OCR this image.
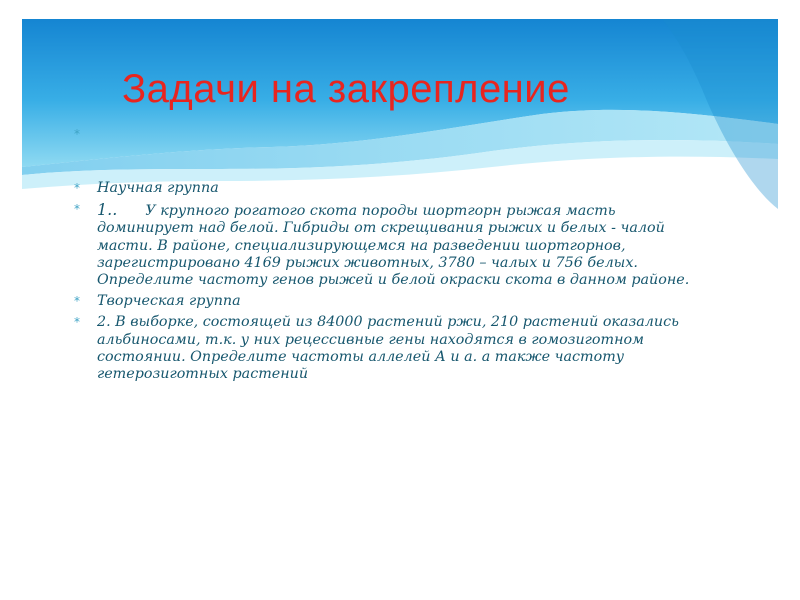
Задачи на закрепление
*
* Научная группа
* 1.. У крупного рогатого скота породы шортгорн рыжая масть доминирует над белой. Гибриды от скрещивания рыжих и белых - чалой масти. В районе, специализирующемся на разведении шортгорнов, зарегистрировано 4169 рыжих животных, 3780 – чалых и 756 белых. Определите частоту генов рыжей и белой окраски скота в данном районе.
* Творческая группа
* 2. В выборке, состоящей из 84000 растений ржи, 210 растений оказались альбиносами, т.к. у них рецессивные гены находятся в гомозиготном состоянии. Определите частоты аллелей А и а. а также частоту гетерозиготных растений
